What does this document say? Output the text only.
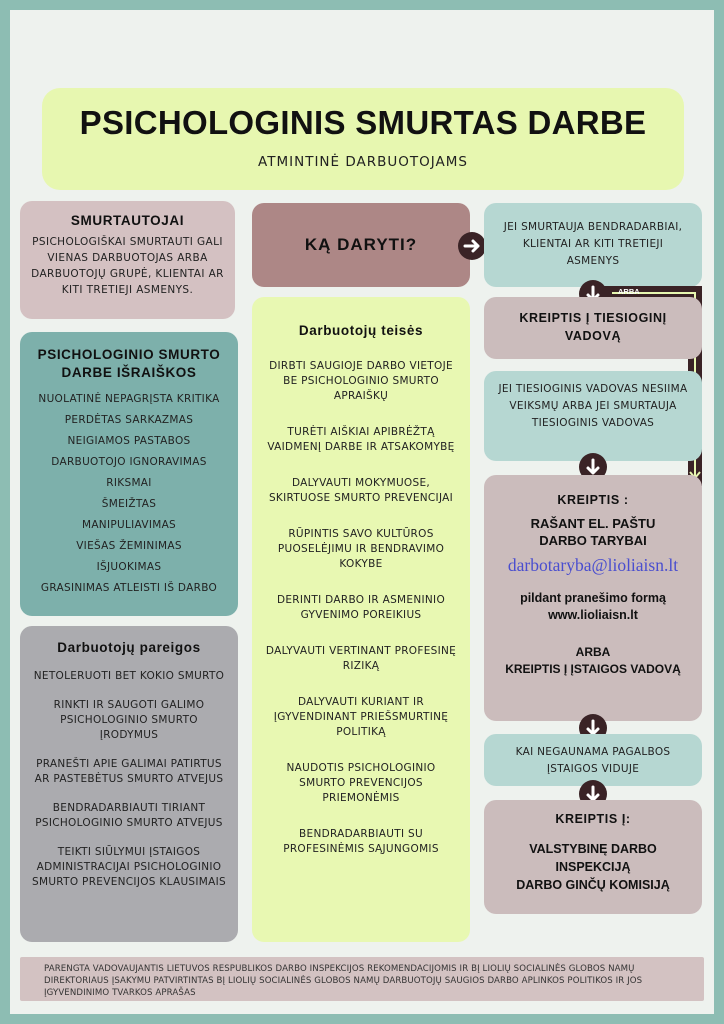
PSICHOLOGINIS SMURTAS DARBE
ATMINTINĖ DARBUOTOJAMS
SMURTAUTOJAI
PSICHOLOGIŠKAI SMURTAUTI GALI VIENAS DARBUOTOJAS ARBA DARBUOTOJŲ GRUPĖ, KLIENTAI AR KITI TRETIEJI ASMENYS.
PSICHOLOGINIO SMURTO DARBE IŠRAIŠKOS
NUOLATINĖ NEPAGRĮSTA KRITIKA
PERDĖTAS SARKAZMAS
NEIGIAMOS PASTABOS
DARBUOTOJO IGNORAVIMAS
RIKSMAI
ŠMEIŽTAS
MANIPULIAVIMAS
VIEŠAS ŽEMINIMAS
IŠJUOKIMAS
GRASINIMAS ATLEISTI IŠ DARBO
Darbuotojų pareigos
NETOLERUOTI BET KOKIO SMURTO
RINKTI IR SAUGOTI GALIMO PSICHOLOGINIO SMURTO ĮRODYMUS
PRANEŠTI APIE GALIMAI PATIRTUS AR PASTEBĖTUS SMURTO ATVEJUS
BENDRADARBIAUTI TIRIANT PSICHOLOGINIO SMURTO ATVEJUS
TEIKTI SIŪLYMUI ĮSTAIGOS ADMINISTRACIJAI PSICHOLOGINIO SMURTO PREVENCIJOS KLAUSIMAIS
KĄ DARYTI?
Darbuotojų teisės
DIRBTI SAUGIOJE DARBO VIETOJE BE PSICHOLOGINIO SMURTO APRAIŠKŲ
TURĖTI AIŠKIAI APIBRĖŽTĄ VAIDMENĮ DARBE IR ATSAKOMYBĘ
DALYVAUTI MOKYMUOSE, SKIRTUOSE SMURTO PREVENCIJAI
RŪPINTIS SAVO KULTŪROS PUOSELĖJIMU IR BENDRAVIMO KOKYBE
DERINTI DARBO IR ASMENINIO GYVENIMO POREIKIUS
DALYVAUTI VERTINANT PROFESINĘ RIZIKĄ
DALYVAUTI KURIANT IR ĮGYVENDINANT PRIEŠSMURTINĘ POLITIKĄ
NAUDOTIS PSICHOLOGINIO SMURTO PREVENCIJOS PRIEMONĖMIS
BENDRADARBIAUTI SU PROFESINĖMIS SĄJUNGOMIS
JEI SMURTAUJA BENDRADARBIAI, KLIENTAI AR KITI TRETIEJI ASMENYS
ARBA
KREIPTIS Į TIESIOGINĮ VADOVĄ
JEI TIESIOGINIS VADOVAS NESIIMA VEIKSMŲ ARBA JEI SMURTAUJA TIESIOGINIS VADOVAS
KREIPTIS :
RAŠANT EL. PAŠTU
DARBO TARYBAI
darbotaryba@lioliaisn.lt
pildant pranešimo formą
www.lioliaisn.lt
ARBA
KREIPTIS Į ĮSTAIGOS VADOVĄ
KAI NEGAUNAMA PAGALBOS ĮSTAIGOS VIDUJE
KREIPTIS Į:
VALSTYBINĘ DARBO INSPEKCIJĄ
DARBO GINČŲ KOMISIJĄ
PARENGTA VADOVAUJANTIS LIETUVOS RESPUBLIKOS DARBO INSPEKCIJOS REKOMENDACIJOMIS IR BĮ LIOLIŲ SOCIALINĖS GLOBOS NAMŲ DIREKTORIAUS ĮSAKYMU PATVIRTINTAS BĮ LIOLIŲ SOCIALINĖS GLOBOS NAMŲ DARBUOTOJŲ SAUGIOS DARBO APLINKOS POLITIKOS IR JOS ĮGYVENDINIMO TVARKOS APRAŠAS
